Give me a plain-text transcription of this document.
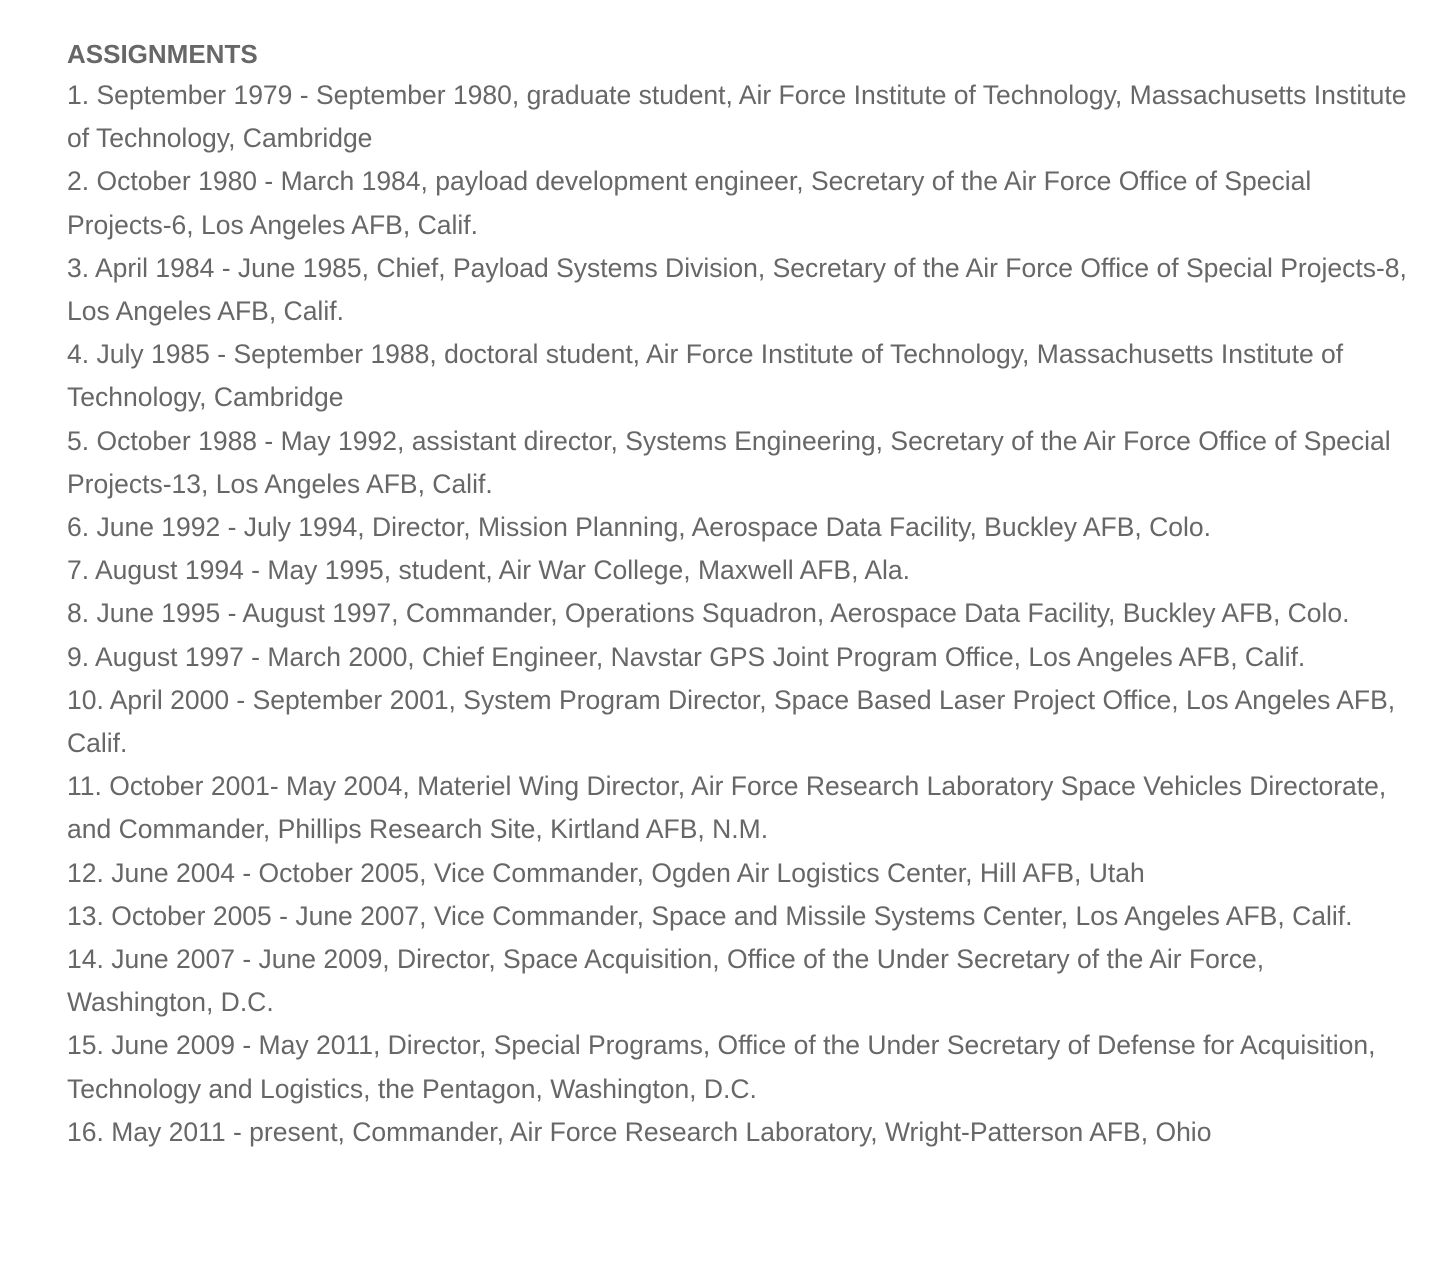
ASSIGNMENTS
1. September 1979 - September 1980, graduate student, Air Force Institute of Technology, Massachusetts Institute of Technology, Cambridge
2. October 1980 - March 1984, payload development engineer, Secretary of the Air Force Office of Special Projects-6, Los Angeles AFB, Calif.
3. April 1984 - June 1985, Chief, Payload Systems Division, Secretary of the Air Force Office of Special Projects-8, Los Angeles AFB, Calif.
4. July 1985 - September 1988, doctoral student, Air Force Institute of Technology, Massachusetts Institute of Technology, Cambridge
5. October 1988 - May 1992, assistant director, Systems Engineering, Secretary of the Air Force Office of Special Projects-13, Los Angeles AFB, Calif.
6. June 1992 - July 1994, Director, Mission Planning, Aerospace Data Facility, Buckley AFB, Colo.
7. August 1994 - May 1995, student, Air War College, Maxwell AFB, Ala.
8. June 1995 - August 1997, Commander, Operations Squadron, Aerospace Data Facility, Buckley AFB, Colo.
9. August 1997 - March 2000, Chief Engineer, Navstar GPS Joint Program Office, Los Angeles AFB, Calif.
10. April 2000 - September 2001, System Program Director, Space Based Laser Project Office, Los Angeles AFB, Calif.
11. October 2001- May 2004, Materiel Wing Director, Air Force Research Laboratory Space Vehicles Directorate, and Commander, Phillips Research Site, Kirtland AFB, N.M.
12. June 2004 - October 2005, Vice Commander, Ogden Air Logistics Center, Hill AFB, Utah
13. October 2005 - June 2007, Vice Commander, Space and Missile Systems Center, Los Angeles AFB, Calif.
14. June 2007 - June 2009, Director, Space Acquisition, Office of the Under Secretary of the Air Force, Washington, D.C.
15. June 2009 - May 2011, Director, Special Programs, Office of the Under Secretary of Defense for Acquisition, Technology and Logistics, the Pentagon, Washington, D.C.
16. May 2011 - present, Commander, Air Force Research Laboratory, Wright-Patterson AFB, Ohio
